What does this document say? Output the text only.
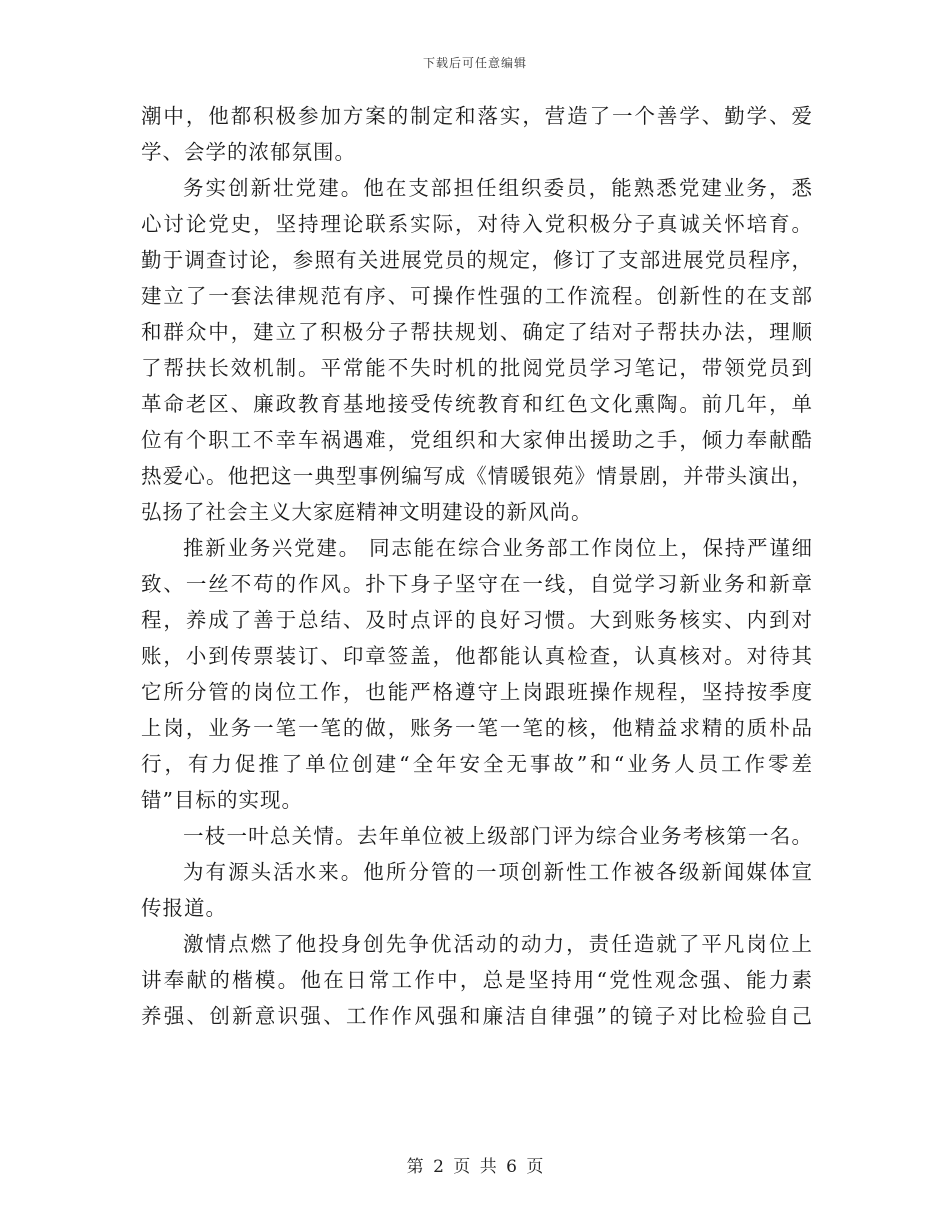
下载后可任意编辑
潮中，他都积极参加方案的制定和落实，营造了一个善学、勤学、爱
学、会学的浓郁氛围。
务实创新壮党建。他在支部担任组织委员，能熟悉党建业务，悉
心讨论党史，坚持理论联系实际，对待入党积极分子真诚关怀培育。
勤于调查讨论，参照有关进展党员的规定，修订了支部进展党员程序，
建立了一套法律规范有序、可操作性强的工作流程。创新性的在支部
和群众中，建立了积极分子帮扶规划、确定了结对子帮扶办法，理顺
了帮扶长效机制。平常能不失时机的批阅党员学习笔记，带领党员到
革命老区、廉政教育基地接受传统教育和红色文化熏陶。前几年，单
位有个职工不幸车祸遇难，党组织和大家伸出援助之手，倾力奉献酷
热爱心。他把这一典型事例编写成《情暖银苑》情景剧，并带头演出，
弘扬了社会主义大家庭精神文明建设的新风尚。
推新业务兴党建。 同志能在综合业务部工作岗位上，保持严谨细
致、一丝不苟的作风。扑下身子坚守在一线，自觉学习新业务和新章
程，养成了善于总结、及时点评的良好习惯。大到账务核实、内到对
账，小到传票装订、印章签盖，他都能认真检查，认真核对。对待其
它所分管的岗位工作，也能严格遵守上岗跟班操作规程，坚持按季度
上岗，业务一笔一笔的做，账务一笔一笔的核，他精益求精的质朴品
行，有力促推了单位创建“全年安全无事故”和“业务人员工作零差
错”目标的实现。
一枝一叶总关情。去年单位被上级部门评为综合业务考核第一名。
为有源头活水来。他所分管的一项创新性工作被各级新闻媒体宣
传报道。
激情点燃了他投身创先争优活动的动力，责任造就了平凡岗位上
讲奉献的楷模。他在日常工作中，总是坚持用“党性观念强、能力素
养强、创新意识强、工作作风强和廉洁自律强”的镜子对比检验自己
第 2 页 共 6 页
